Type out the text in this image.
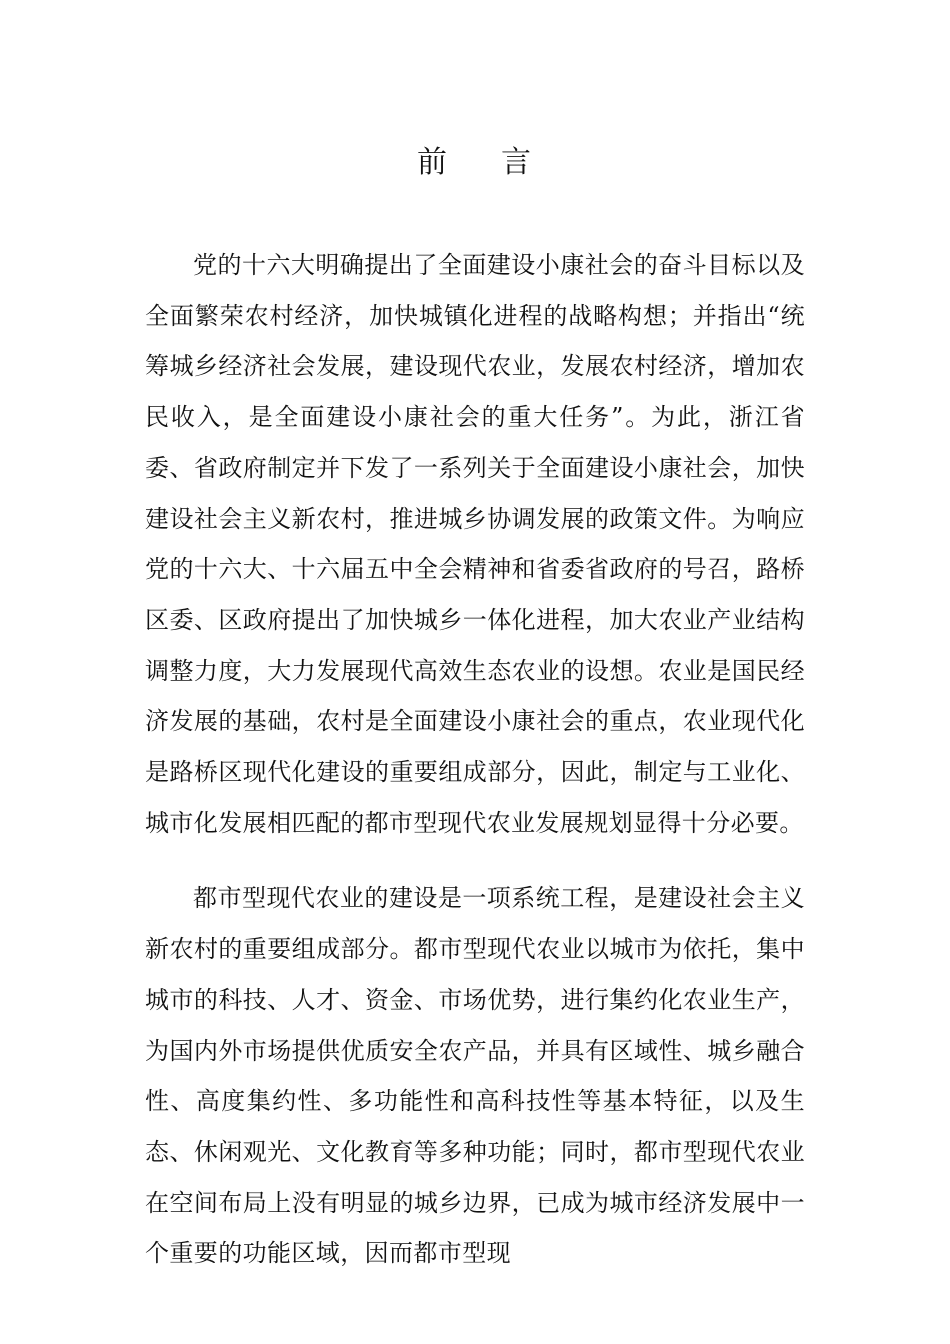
前 言

党的十六大明确提出了全面建设小康社会的奋斗目标以及全面繁荣农村经济，加快城镇化进程的战略构想；并指出“统筹城乡经济社会发展，建设现代农业，发展农村经济，增加农民收入，是全面建设小康社会的重大任务”。为此，浙江省委、省政府制定并下发了一系列关于全面建设小康社会，加快建设社会主义新农村，推进城乡协调发展的政策文件。为响应党的十六大、十六届五中全会精神和省委省政府的号召，路桥区委、区政府提出了加快城乡一体化进程，加大农业产业结构调整力度，大力发展现代高效生态农业的设想。农业是国民经济发展的基础，农村是全面建设小康社会的重点，农业现代化是路桥区现代化建设的重要组成部分，因此，制定与工业化、城市化发展相匹配的都市型现代农业发展规划显得十分必要。

都市型现代农业的建设是一项系统工程，是建设社会主义新农村的重要组成部分。都市型现代农业以城市为依托，集中城市的科技、人才、资金、市场优势，进行集约化农业生产，为国内外市场提供优质安全农产品，并具有区域性、城乡融合性、高度集约性、多功能性和高科技性等基本特征，以及生态、休闲观光、文化教育等多种功能；同时，都市型现代农业在空间布局上没有明显的城乡边界，已成为城市经济发展中一个重要的功能区域，因而都市型现
